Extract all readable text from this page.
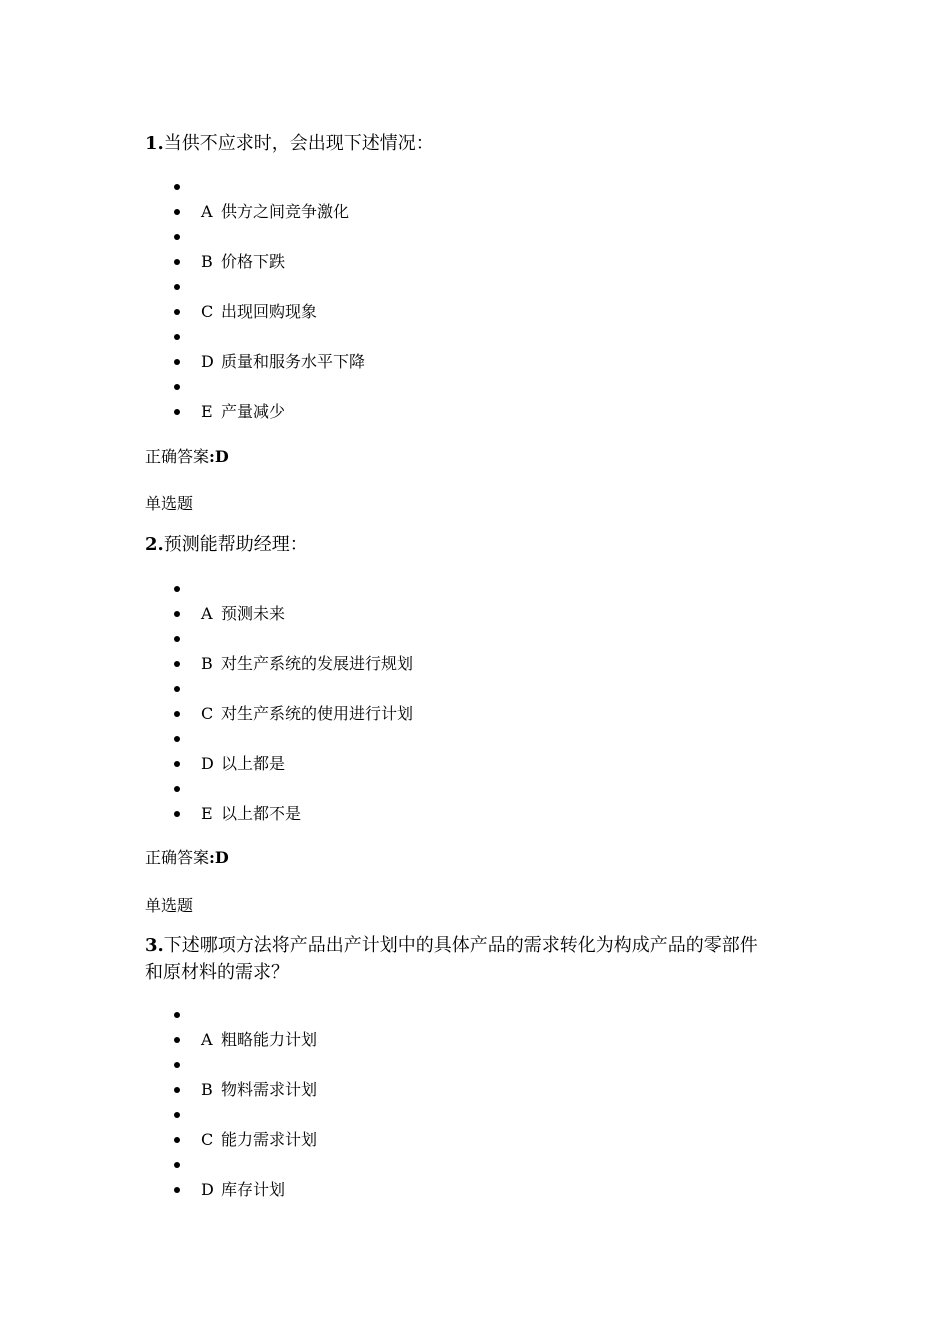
1.当供不应求时，会出现下述情况：
A 供方之间竞争激化
B 价格下跌
C 出现回购现象
D 质量和服务水平下降
E 产量减少
正确答案:D
单选题
2.预测能帮助经理：
A 预测未来
B 对生产系统的发展进行规划
C 对生产系统的使用进行计划
D 以上都是
E 以上都不是
正确答案:D
单选题
3.下述哪项方法将产品出产计划中的具体产品的需求转化为构成产品的零部件
和原材料的需求？
A 粗略能力计划
B 物料需求计划
C 能力需求计划
D 库存计划
